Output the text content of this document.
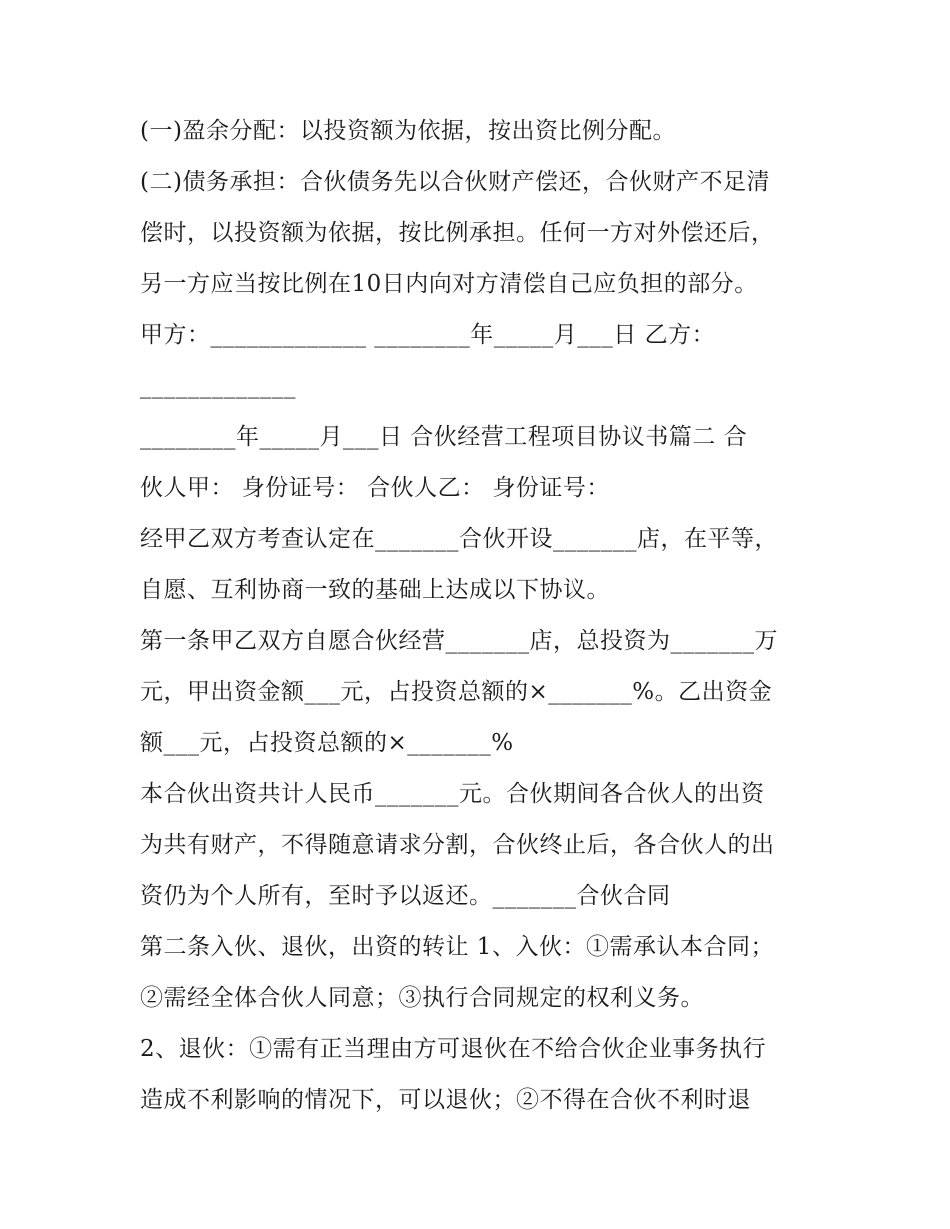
(一)盈余分配：以投资额为依据，按出资比例分配。
(二)债务承担：合伙债务先以合伙财产偿还，合伙财产不足清
偿时，以投资额为依据，按比例承担。任何一方对外偿还后，
另一方应当按比例在10日内向对方清偿自己应负担的部分。
甲方：_____________ ________年_____月___日 乙方：
_____________
________年_____月___日 合伙经营工程项目协议书篇二 合
伙人甲： 身份证号： 合伙人乙： 身份证号：
经甲乙双方考查认定在_______合伙开设_______店，在平等，
自愿、互利协商一致的基础上达成以下协议。
第一条甲乙双方自愿合伙经营_______店，总投资为_______万
元，甲出资金额___元，占投资总额的×_______%。乙出资金
额___元，占投资总额的×_______%
本合伙出资共计人民币_______元。合伙期间各合伙人的出资
为共有财产，不得随意请求分割，合伙终止后，各合伙人的出
资仍为个人所有，至时予以返还。_______合伙合同
第二条入伙、退伙，出资的转让 1、入伙：①需承认本合同；
②需经全体合伙人同意；③执行合同规定的权利义务。
2、退伙：①需有正当理由方可退伙在不给合伙企业事务执行
造成不利影响的情况下，可以退伙；②不得在合伙不利时退
